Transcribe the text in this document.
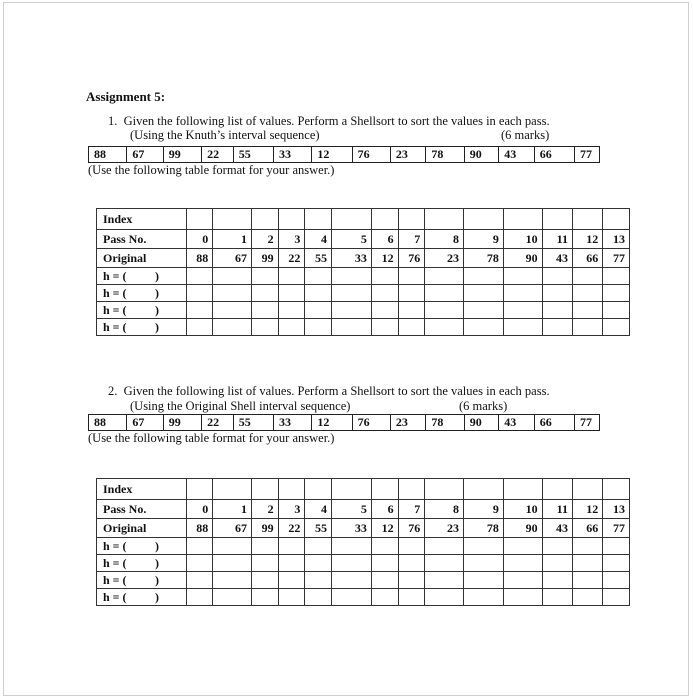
Assignment 5:
1. Given the following list of values. Perform a Shellsort to sort the values in each pass.
(Using the Knuth’s interval sequence)	(6 marks)
88	67	99	22	55	33	12	76	23	78	90	43	66	77
(Use the following table format for your answer.)
Index														
Pass No.	0	1	2	3	4	5	6	7	8	9	10	11	12	13
Original	88	67	99	22	55	33	12	76	23	78	90	43	66	77
h = ( )														
h = ( )														
h = ( )														
h = ( )														
2. Given the following list of values. Perform a Shellsort to sort the values in each pass.
(Using the Original Shell interval sequence)	(6 marks)
88	67	99	22	55	33	12	76	23	78	90	43	66	77
(Use the following table format for your answer.)
Index														
Pass No.	0	1	2	3	4	5	6	7	8	9	10	11	12	13
Original	88	67	99	22	55	33	12	76	23	78	90	43	66	77
h = ( )														
h = ( )														
h = ( )														
h = ( )														
